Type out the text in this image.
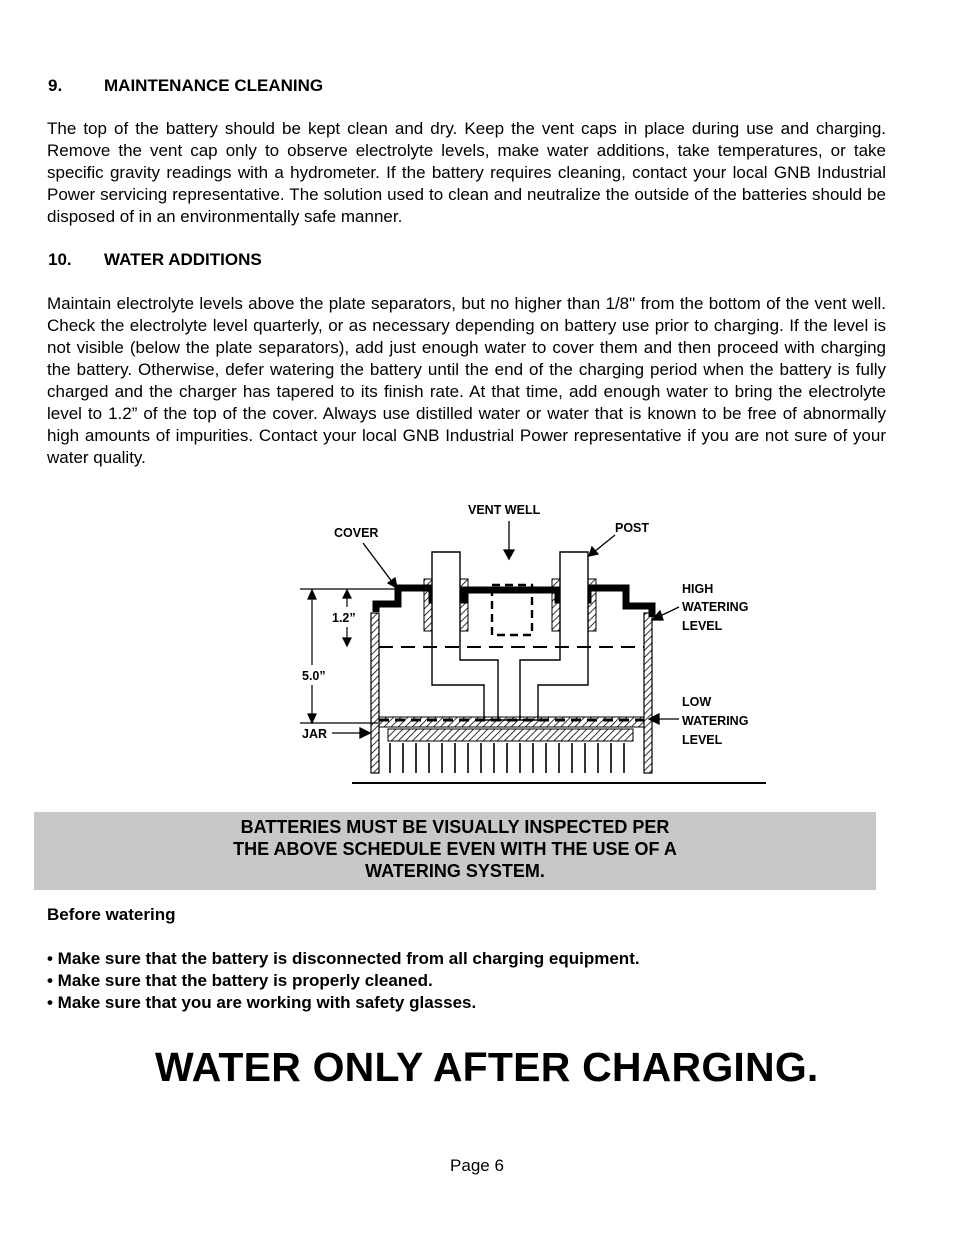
9. MAINTENANCE CLEANING

The top of the battery should be kept clean and dry. Keep the vent caps in place during use and charging. Remove the vent cap only to observe electrolyte levels, make water additions, take temperatures, or take specific gravity readings with a hydrometer. If the battery requires cleaning, contact your local GNB Industrial Power servicing representative. The solution used to clean and neutralize the outside of the batteries should be disposed of in an environmentally safe manner.

10. WATER ADDITIONS

Maintain electrolyte levels above the plate separators, but no higher than 1/8" from the bottom of the vent well. Check the electrolyte level quarterly, or as necessary depending on battery use prior to charging. If the level is not visible (below the plate separators), add just enough water to cover them and then proceed with charging the battery. Otherwise, defer watering the battery until the end of the charging period when the battery is fully charged and the charger has tapered to its finish rate. At that time, add enough water to bring the electrolyte level to 1.2” of the top of the cover. Always use distilled water or water that is known to be free of abnormally high amounts of impurities. Contact your local GNB Industrial Power representative if you are not sure of your water quality.

VENT WELL
COVER	POST
HIGH
WATERING
LEVEL
LOW
WATERING
LEVEL
1.2”
5.0”
JAR
BATTERIES MUST BE VISUALLY INSPECTED PER
THE ABOVE SCHEDULE EVEN WITH THE USE OF A
WATERING SYSTEM.
Before watering
• Make sure that the battery is disconnected from all charging equipment.
• Make sure that the battery is properly cleaned.
• Make sure that you are working with safety glasses.
WATER ONLY AFTER CHARGING.
Page 6
